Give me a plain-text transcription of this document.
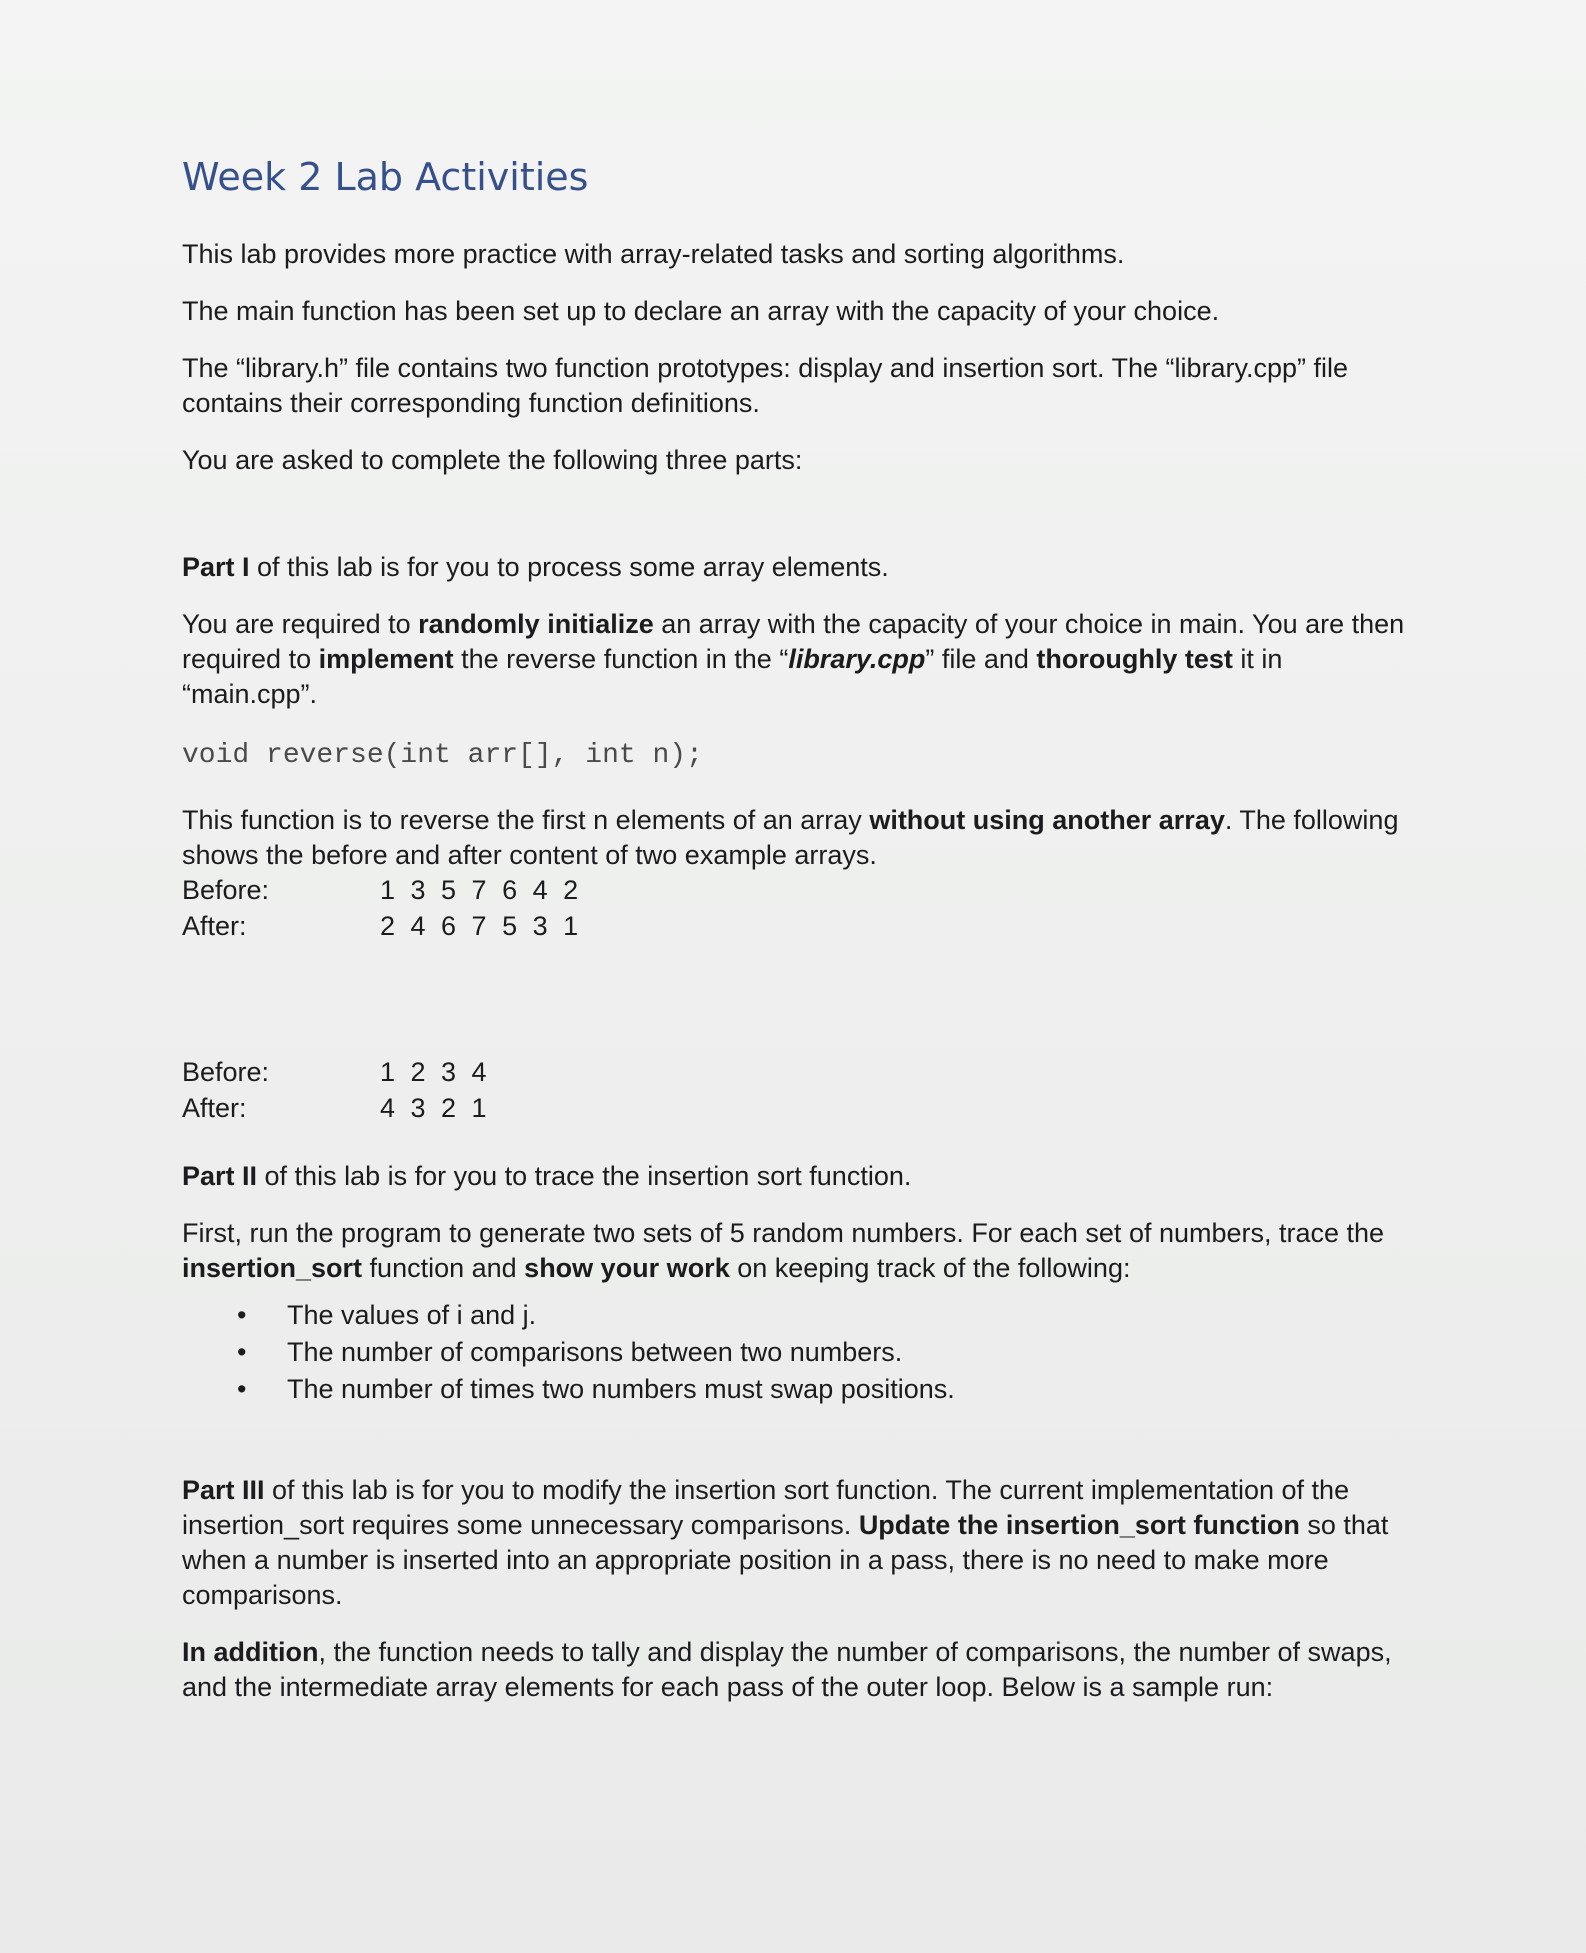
Week 2 Lab Activities

This lab provides more practice with array-related tasks and sorting algorithms.

The main function has been set up to declare an array with the capacity of your choice.

The “library.h” file contains two function prototypes: display and insertion sort. The “library.cpp” file contains their corresponding function definitions.

You are asked to complete the following three parts:

Part I of this lab is for you to process some array elements.

You are required to randomly initialize an array with the capacity of your choice in main. You are then required to implement the reverse function in the “library.cpp” file and thoroughly test it in “main.cpp”.

void reverse(int arr[], int n);

This function is to reverse the first n elements of an array without using another array. The following shows the before and after content of two example arrays.

Before:	1 3 5 7 6 4 2
After:	2 4 6 7 5 3 1
Before:	1 2 3 4
After:	4 3 2 1

Part II of this lab is for you to trace the insertion sort function.

First, run the program to generate two sets of 5 random numbers. For each set of numbers, trace the insertion_sort function and show your work on keeping track of the following:

• The values of i and j.
• The number of comparisons between two numbers.
• The number of times two numbers must swap positions.

Part III of this lab is for you to modify the insertion sort function. The current implementation of the insertion_sort requires some unnecessary comparisons. Update the insertion_sort function so that when a number is inserted into an appropriate position in a pass, there is no need to make more comparisons.

In addition, the function needs to tally and display the number of comparisons, the number of swaps, and the intermediate array elements for each pass of the outer loop. Below is a sample run:
